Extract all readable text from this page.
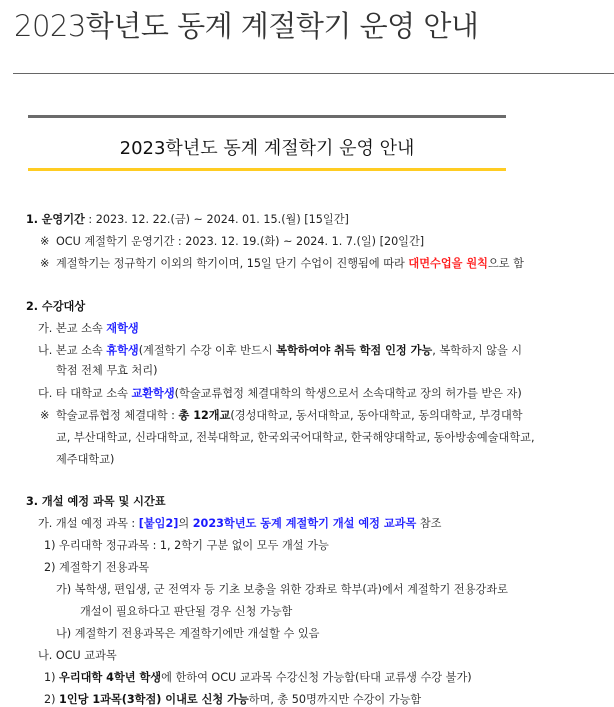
2023학년도 동계 계절학기 운영 안내
2023학년도 동계 계절학기 운영 안내
1. 운영기간 : 2023. 12. 22.(금) ~ 2024. 01. 15.(월) [15일간]
※ OCU 계절학기 운영기간 : 2023. 12. 19.(화) ~ 2024. 1. 7.(일) [20일간]
※ 계절학기는 정규학기 이외의 학기이며, 15일 단기 수업이 진행됨에 따라 대면수업을 원칙으로 함
2. 수강대상
가. 본교 소속 재학생
나. 본교 소속 휴학생(계절학기 수강 이후 반드시 복학하여야 취득 학점 인정 가능, 복학하지 않을 시
학점 전체 무효 처리)
다. 타 대학교 소속 교환학생(학술교류협정 체결대학의 학생으로서 소속대학교 장의 허가를 받은 자)
※ 학술교류협정 체결대학 : 총 12개교(경성대학교, 동서대학교, 동아대학교, 동의대학교, 부경대학
교, 부산대학교, 신라대학교, 전북대학교, 한국외국어대학교, 한국해양대학교, 동아방송예술대학교,
제주대학교)
3. 개설 예정 과목 및 시간표
가. 개설 예정 과목 : [붙임2]의 2023학년도 동계 계절학기 개설 예정 교과목 참조
1) 우리대학 정규과목 : 1, 2학기 구분 없이 모두 개설 가능
2) 계절학기 전용과목
가) 복학생, 편입생, 군 전역자 등 기초 보충을 위한 강좌로 학부(과)에서 계절학기 전용강좌로
개설이 필요하다고 판단될 경우 신청 가능함
나) 계절학기 전용과목은 계절학기에만 개설할 수 있음
나. OCU 교과목
1) 우리대학 4학년 학생에 한하여 OCU 교과목 수강신청 가능함(타대 교류생 수강 불가)
2) 1인당 1과목(3학점) 이내로 신청 가능하며, 총 50명까지만 수강이 가능함
